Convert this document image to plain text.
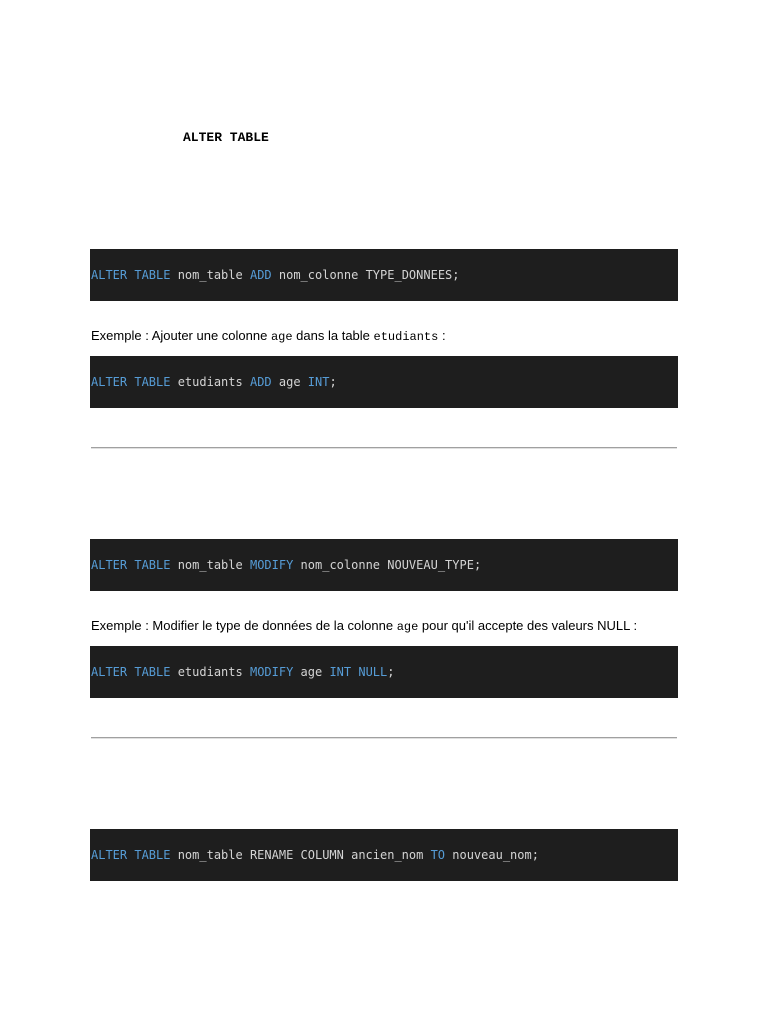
ALTER TABLE
ALTER TABLE nom_table ADD nom_colonne TYPE_DONNEES;
Exemple : Ajouter une colonne age dans la table etudiants :
ALTER TABLE etudiants ADD age INT;
ALTER TABLE nom_table MODIFY nom_colonne NOUVEAU_TYPE;
Exemple : Modifier le type de données de la colonne age pour qu'il accepte des valeurs NULL :
ALTER TABLE etudiants MODIFY age INT NULL;
ALTER TABLE nom_table RENAME COLUMN ancien_nom TO nouveau_nom;
